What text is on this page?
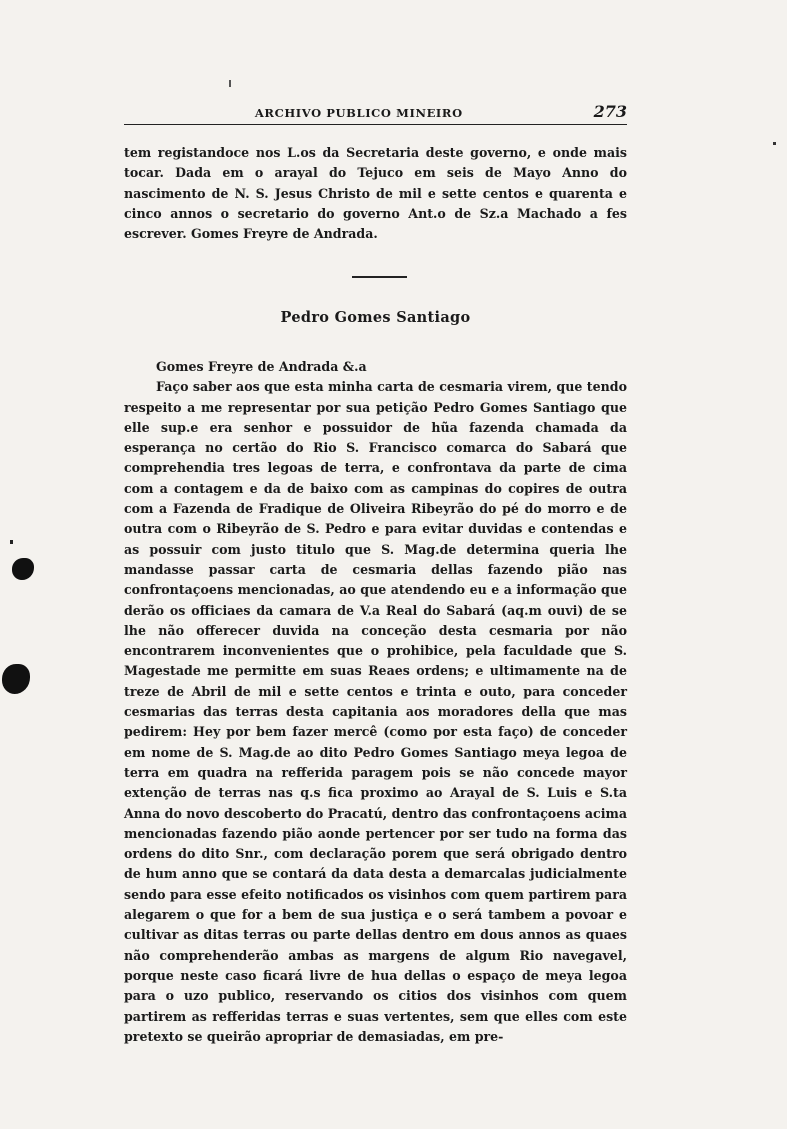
ARCHIVO PUBLICO MINEIRO	273

tem registandoce nos L.os da Secretaria deste governo, e onde mais tocar. Dada em o arayal do Tejuco em seis de Mayo Anno do nascimento de N. S. Jesus Christo de mil e sette centos e quarenta e cinco annos o secretario do governo Ant.o de Sz.a Machado a fes escrever. Gomes Freyre de Andrada.

Pedro Gomes Santiago

Gomes Freyre de Andrada &.a

Faço saber aos que esta minha carta de cesmaria virem, que tendo respeito a me representar por sua petição Pedro Gomes Santiago que elle sup.e era senhor e possuidor de hũa fazenda chamada da esperança no certão do Rio S. Francisco comarca do Sabará que comprehendia tres legoas de terra, e confrontava da parte de cima com a contagem e da de baixo com as campinas do copires de outra com a Fazenda de Fradique de Oliveira Ribeyrão do pé do morro e de outra com o Ribeyrão de S. Pedro e para evitar duvidas e contendas e as possuir com justo titulo que S. Mag.de determina queria lhe mandasse passar carta de cesmaria dellas fazendo pião nas confrontaçoens mencionadas, ao que atendendo eu e a informação que derão os officiaes da camara de V.a Real do Sabará (aq.m ouvi) de se lhe não offerecer duvida na conceção desta cesmaria por não encontrarem inconvenientes que o prohibice, pela faculdade que S. Magestade me permitte em suas Reaes ordens; e ultimamente na de treze de Abril de mil e sette centos e trinta e outo, para conceder cesmarias das terras desta capitania aos moradores della que mas pedirem: Hey por bem fazer mercê (como por esta faço) de conceder em nome de S. Mag.de ao dito Pedro Gomes Santiago meya legoa de terra em quadra na refferida paragem pois se não concede mayor extenção de terras nas q.s fica proximo ao Arayal de S. Luis e S.ta Anna do novo descoberto do Pracatú, dentro das confrontaçoens acima mencionadas fazendo pião aonde pertencer por ser tudo na forma das ordens do dito Snr., com declaração porem que será obrigado dentro de hum anno que se contará da data desta a demarcalas judicialmente sendo para esse efeito notificados os visinhos com quem partirem para alegarem o que for a bem de sua justiça e o será tambem a povoar e cultivar as ditas terras ou parte dellas dentro em dous annos as quaes não comprehenderão ambas as margens de algum Rio navegavel, porque neste caso ficará livre de hua dellas o espaço de meya legoa para o uzo publico, reservando os citios dos visinhos com quem partirem as refferidas terras e suas vertentes, sem que elles com este pretexto se queirão apropriar de demasiadas, em pre-
